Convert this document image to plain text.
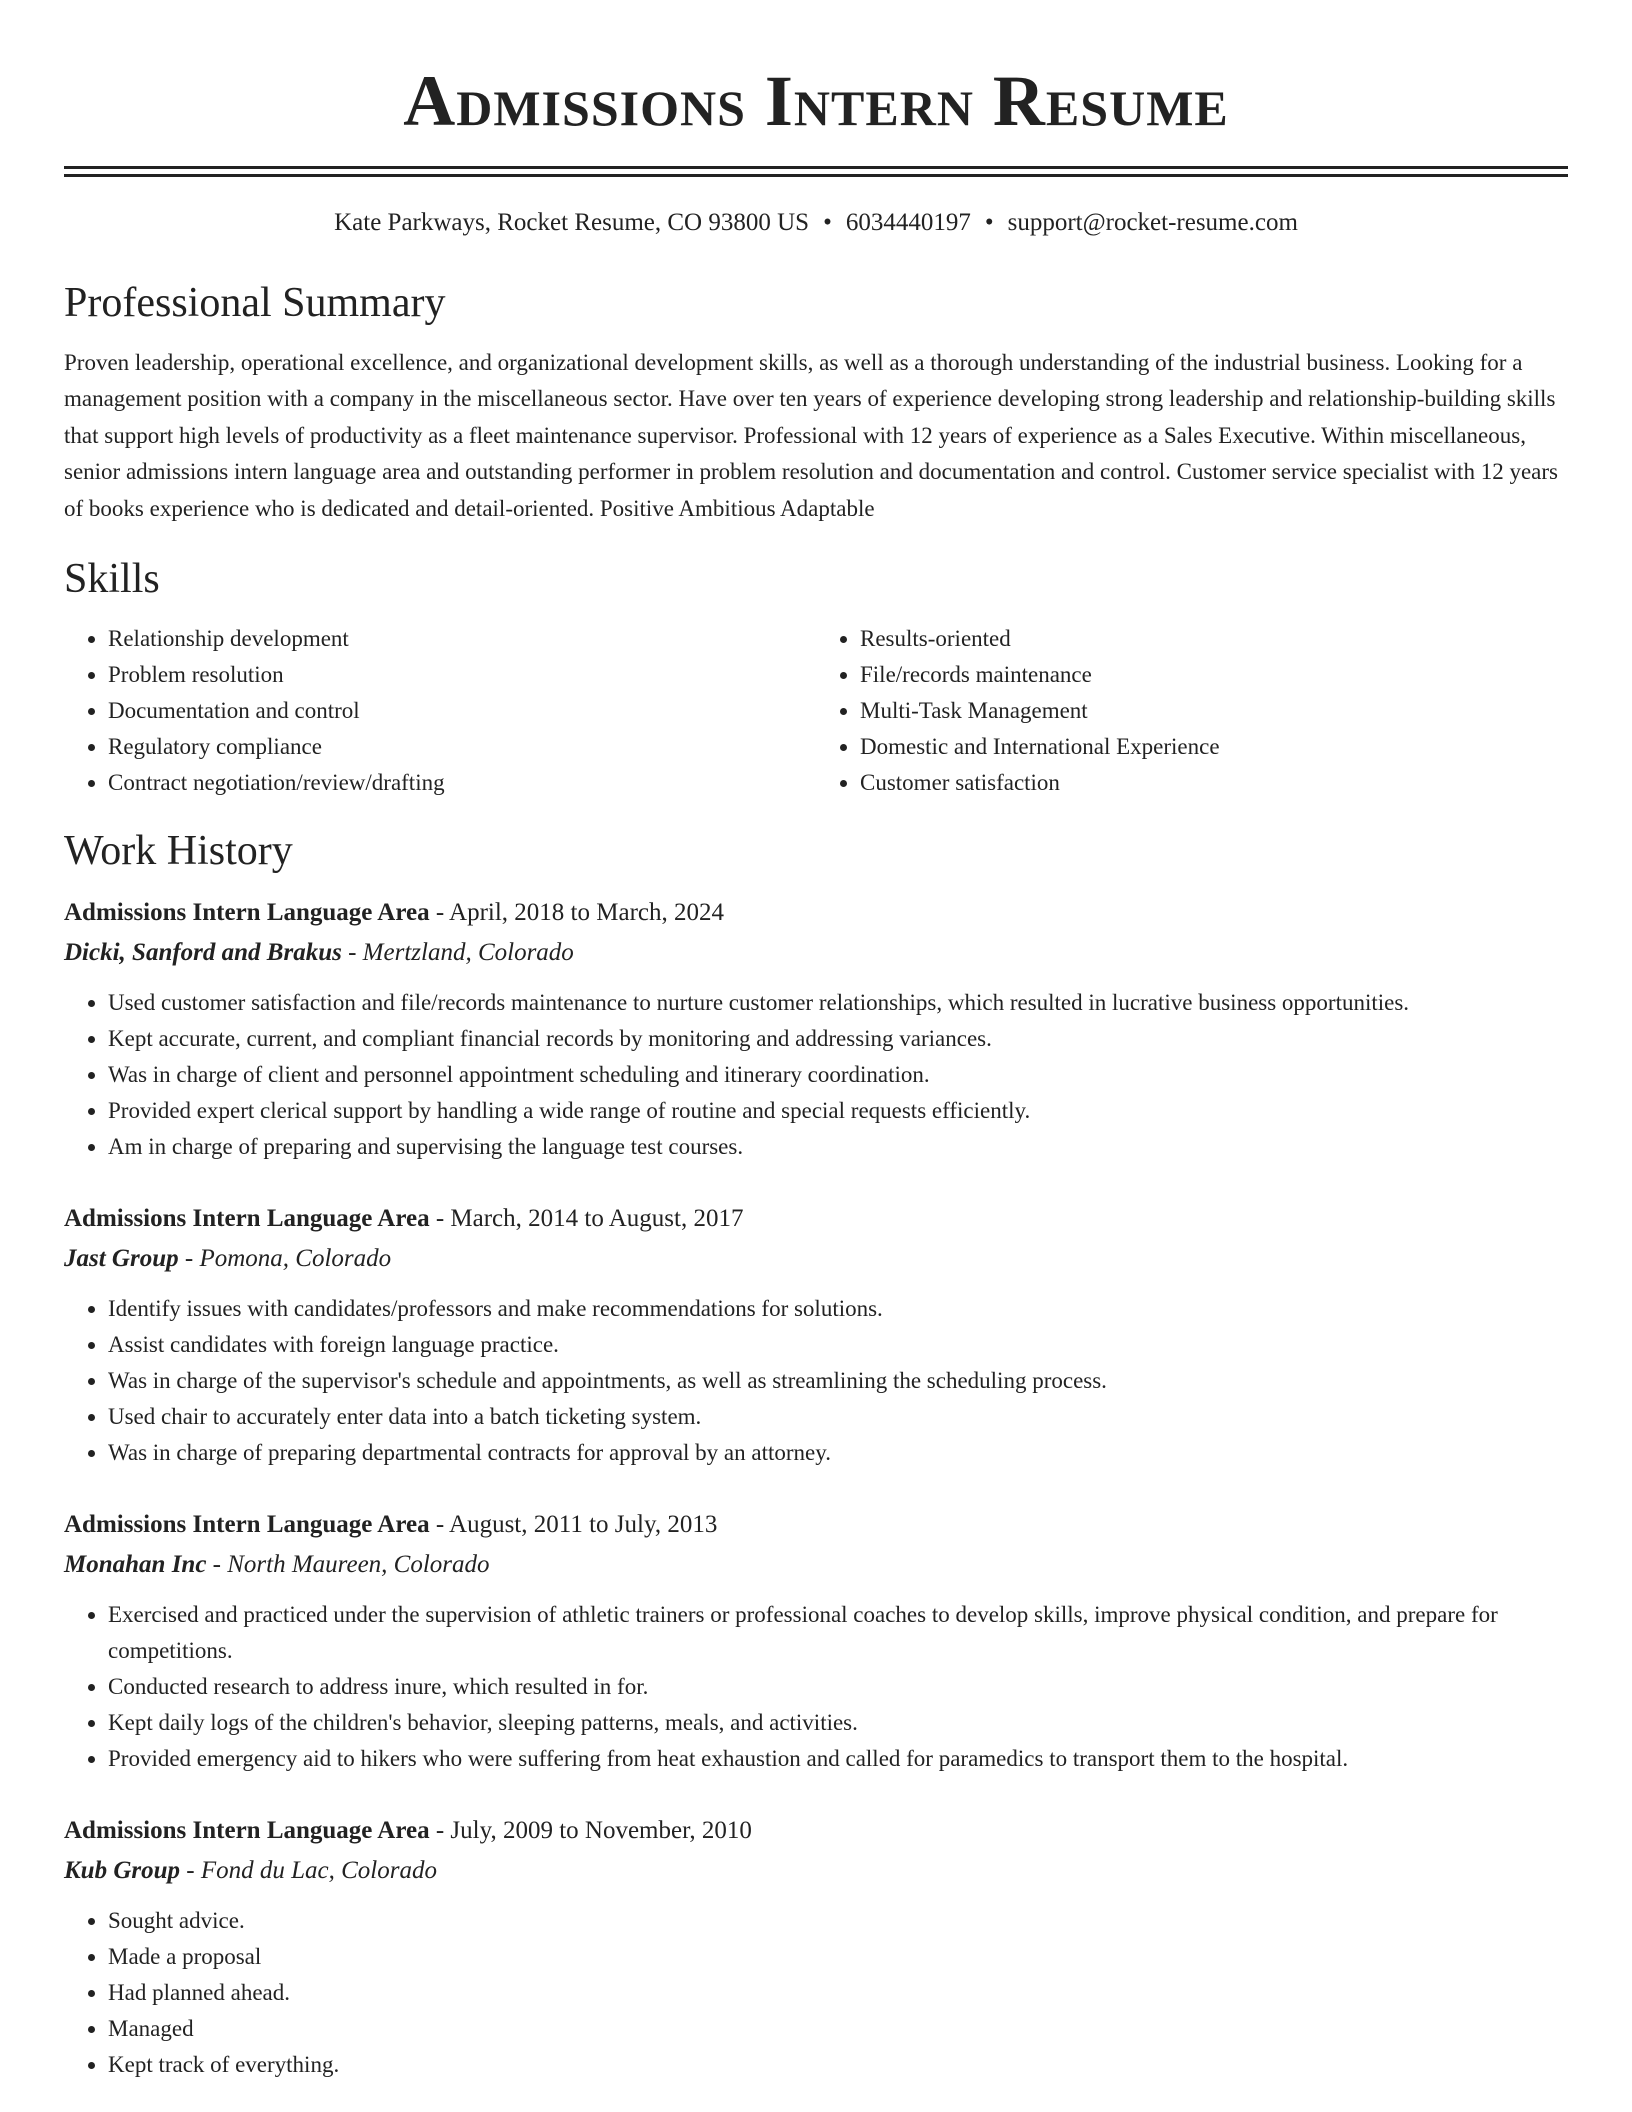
Admissions Intern Resume
Kate Parkways, Rocket Resume, CO 93800 US • 6034440197 • support@rocket-resume.com
Professional Summary
Proven leadership, operational excellence, and organizational development skills, as well as a thorough understanding of the industrial business. Looking for a management position with a company in the miscellaneous sector. Have over ten years of experience developing strong leadership and relationship-building skills that support high levels of productivity as a fleet maintenance supervisor. Professional with 12 years of experience as a Sales Executive. Within miscellaneous, senior admissions intern language area and outstanding performer in problem resolution and documentation and control. Customer service specialist with 12 years of books experience who is dedicated and detail-oriented. Positive Ambitious Adaptable
Skills
• Relationship development
• Problem resolution
• Documentation and control
• Regulatory compliance
• Contract negotiation/review/drafting
• Results-oriented
• File/records maintenance
• Multi-Task Management
• Domestic and International Experience
• Customer satisfaction
Work History
Admissions Intern Language Area - April, 2018 to March, 2024
Dicki, Sanford and Brakus - Mertzland, Colorado
• Used customer satisfaction and file/records maintenance to nurture customer relationships, which resulted in lucrative business opportunities.
• Kept accurate, current, and compliant financial records by monitoring and addressing variances.
• Was in charge of client and personnel appointment scheduling and itinerary coordination.
• Provided expert clerical support by handling a wide range of routine and special requests efficiently.
• Am in charge of preparing and supervising the language test courses.
Admissions Intern Language Area - March, 2014 to August, 2017
Jast Group - Pomona, Colorado
• Identify issues with candidates/professors and make recommendations for solutions.
• Assist candidates with foreign language practice.
• Was in charge of the supervisor's schedule and appointments, as well as streamlining the scheduling process.
• Used chair to accurately enter data into a batch ticketing system.
• Was in charge of preparing departmental contracts for approval by an attorney.
Admissions Intern Language Area - August, 2011 to July, 2013
Monahan Inc - North Maureen, Colorado
• Exercised and practiced under the supervision of athletic trainers or professional coaches to develop skills, improve physical condition, and prepare for competitions.
• Conducted research to address inure, which resulted in for.
• Kept daily logs of the children's behavior, sleeping patterns, meals, and activities.
• Provided emergency aid to hikers who were suffering from heat exhaustion and called for paramedics to transport them to the hospital.
Admissions Intern Language Area - July, 2009 to November, 2010
Kub Group - Fond du Lac, Colorado
• Sought advice.
• Made a proposal
• Had planned ahead.
• Managed
• Kept track of everything.
